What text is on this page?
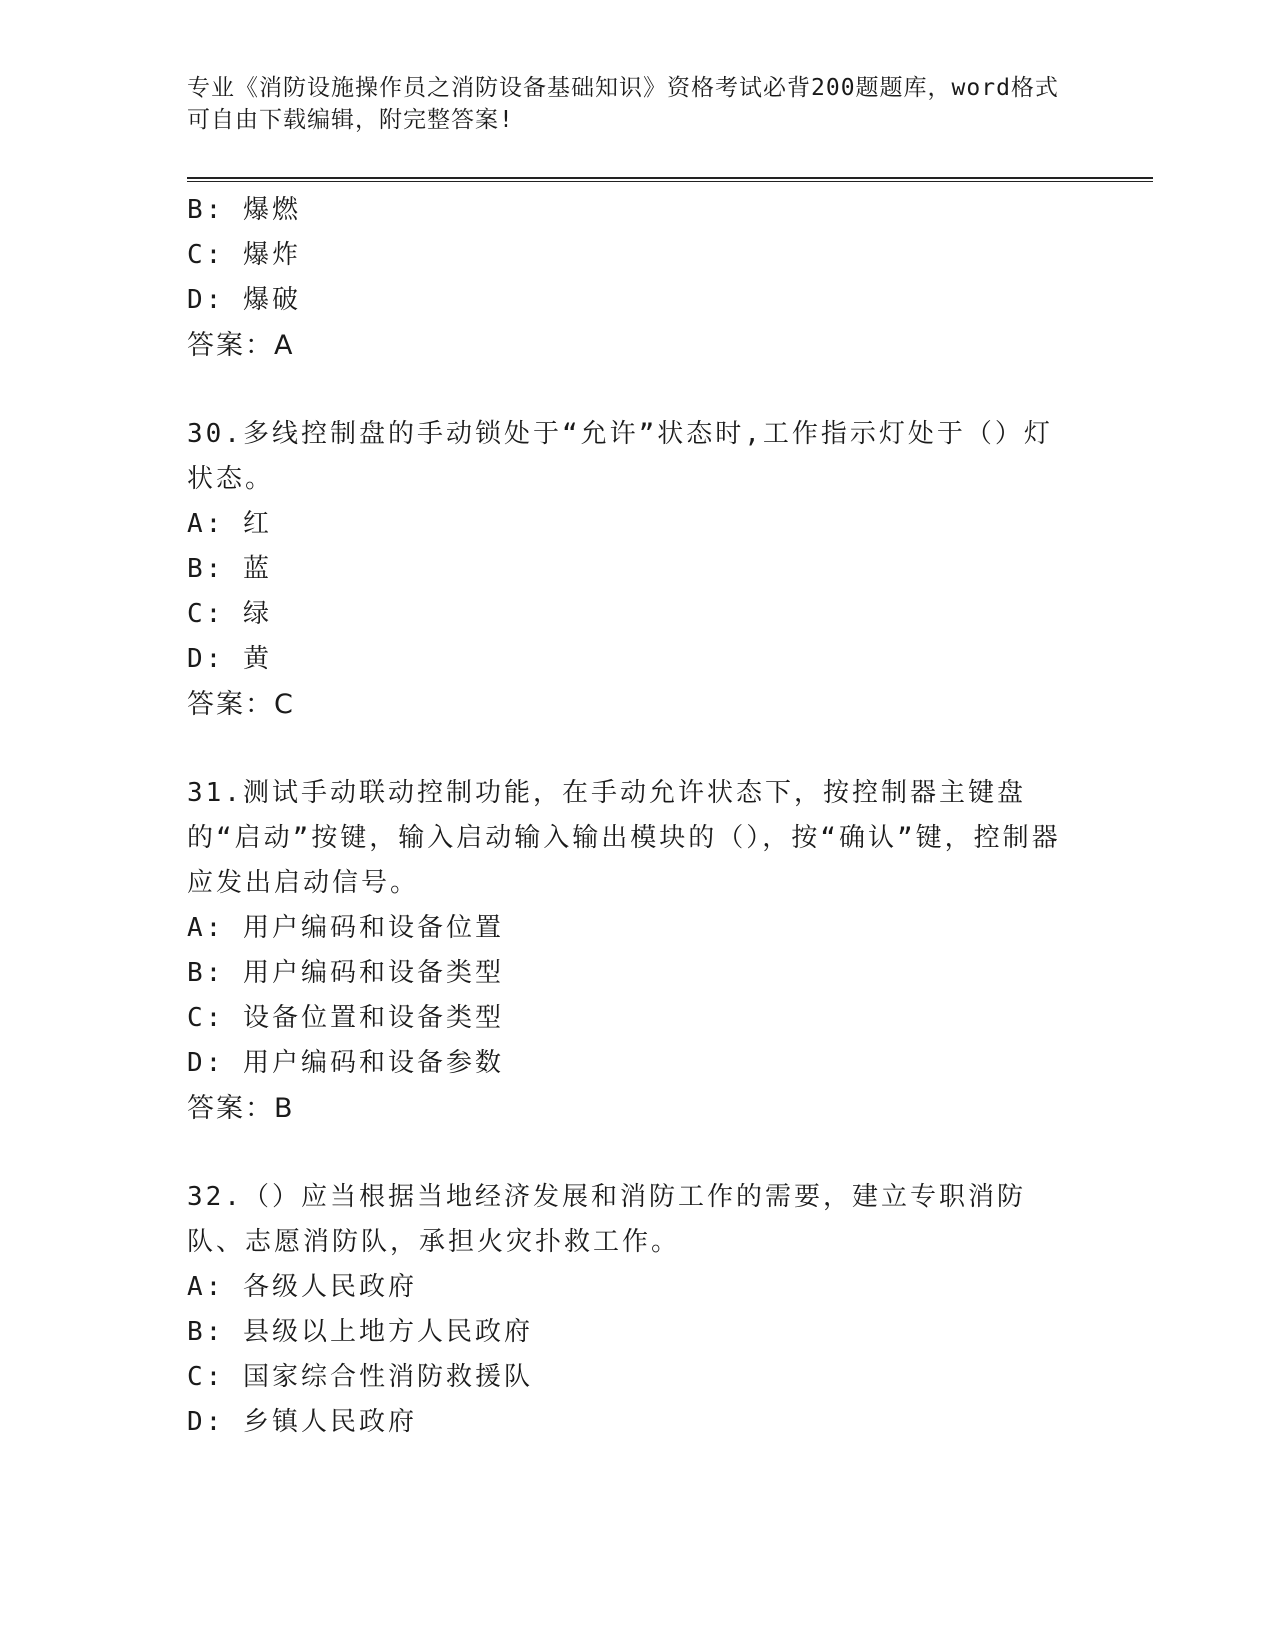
专业《消防设施操作员之消防设备基础知识》资格考试必背200题题库，word格式可自由下载编辑，附完整答案!
B: 爆燃
C: 爆炸
D: 爆破
答案：A
30.多线控制盘的手动锁处于“允许”状态时,工作指示灯处于（）灯状态。
A: 红
B: 蓝
C: 绿
D: 黄
答案：C
31.测试手动联动控制功能，在手动允许状态下，按控制器主键盘的“启动”按键，输入启动输入输出模块的（），按“确认”键，控制器应发出启动信号。
A: 用户编码和设备位置
B: 用户编码和设备类型
C: 设备位置和设备类型
D: 用户编码和设备参数
答案：B
32.（）应当根据当地经济发展和消防工作的需要，建立专职消防队、志愿消防队，承担火灾扑救工作。
A: 各级人民政府
B: 县级以上地方人民政府
C: 国家综合性消防救援队
D: 乡镇人民政府
